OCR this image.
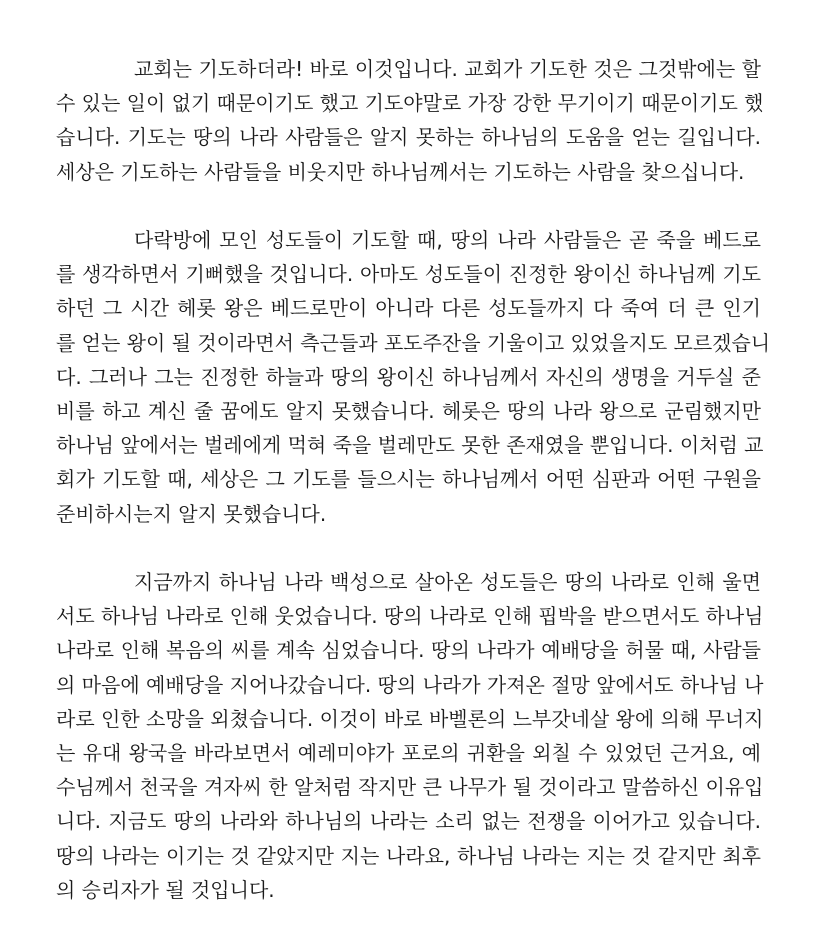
교회는 기도하더라! 바로 이것입니다. 교회가 기도한 것은 그것밖에는 할
수 있는 일이 없기 때문이기도 했고 기도야말로 가장 강한 무기이기 때문이기도 했
습니다. 기도는 땅의 나라 사람들은 알지 못하는 하나님의 도움을 얻는 길입니다.
세상은 기도하는 사람들을 비웃지만 하나님께서는 기도하는 사람을 찾으십니다.

다락방에 모인 성도들이 기도할 때, 땅의 나라 사람들은 곧 죽을 베드로
를 생각하면서 기뻐했을 것입니다. 아마도 성도들이 진정한 왕이신 하나님께 기도
하던 그 시간 헤롯 왕은 베드로만이 아니라 다른 성도들까지 다 죽여 더 큰 인기
를 얻는 왕이 될 것이라면서 측근들과 포도주잔을 기울이고 있었을지도 모르겠습니
다. 그러나 그는 진정한 하늘과 땅의 왕이신 하나님께서 자신의 생명을 거두실 준
비를 하고 계신 줄 꿈에도 알지 못했습니다. 헤롯은 땅의 나라 왕으로 군림했지만
하나님 앞에서는 벌레에게 먹혀 죽을 벌레만도 못한 존재였을 뿐입니다. 이처럼 교
회가 기도할 때, 세상은 그 기도를 들으시는 하나님께서 어떤 심판과 어떤 구원을
준비하시는지 알지 못했습니다.

지금까지 하나님 나라 백성으로 살아온 성도들은 땅의 나라로 인해 울면
서도 하나님 나라로 인해 웃었습니다. 땅의 나라로 인해 핍박을 받으면서도 하나님
나라로 인해 복음의 씨를 계속 심었습니다. 땅의 나라가 예배당을 허물 때, 사람들
의 마음에 예배당을 지어나갔습니다. 땅의 나라가 가져온 절망 앞에서도 하나님 나
라로 인한 소망을 외쳤습니다. 이것이 바로 바벨론의 느부갓네살 왕에 의해 무너지
는 유대 왕국을 바라보면서 예레미야가 포로의 귀환을 외칠 수 있었던 근거요, 예
수님께서 천국을 겨자씨 한 알처럼 작지만 큰 나무가 될 것이라고 말씀하신 이유입
니다. 지금도 땅의 나라와 하나님의 나라는 소리 없는 전쟁을 이어가고 있습니다.
땅의 나라는 이기는 것 같았지만 지는 나라요, 하나님 나라는 지는 것 같지만 최후
의 승리자가 될 것입니다.
